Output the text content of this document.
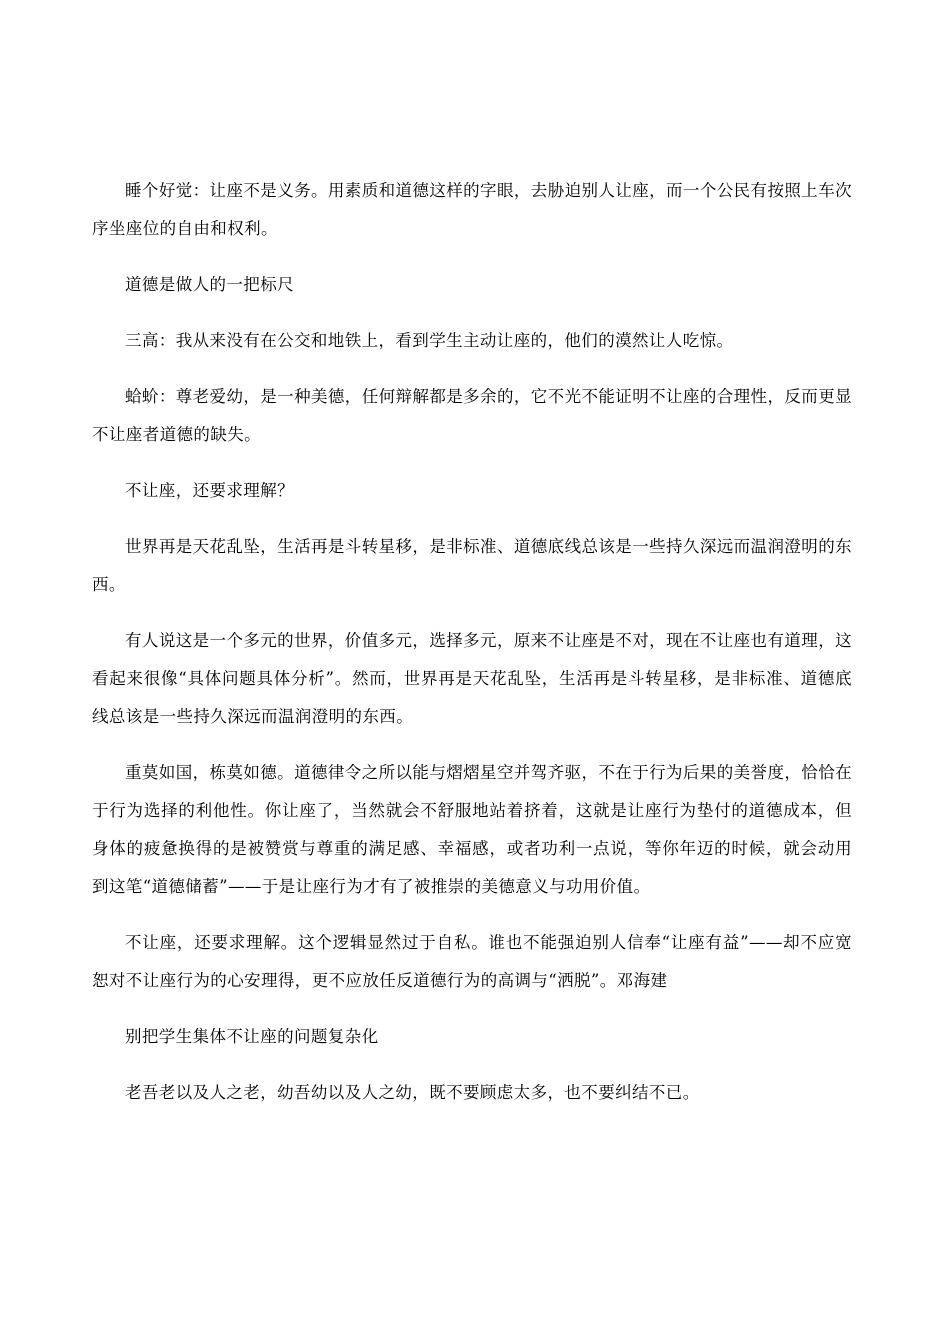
睡个好觉：让座不是义务。用素质和道德这样的字眼，去胁迫别人让座，而一个公民有按照上车次序坐座位的自由和权利。

道德是做人的一把标尺

三高：我从来没有在公交和地铁上，看到学生主动让座的，他们的漠然让人吃惊。

蛤蚧：尊老爱幼，是一种美德，任何辩解都是多余的，它不光不能证明不让座的合理性，反而更显不让座者道德的缺失。

不让座，还要求理解？

世界再是天花乱坠，生活再是斗转星移，是非标准、道德底线总该是一些持久深远而温润澄明的东西。

有人说这是一个多元的世界，价值多元，选择多元，原来不让座是不对，现在不让座也有道理，这看起来很像“具体问题具体分析”。然而，世界再是天花乱坠，生活再是斗转星移，是非标准、道德底线总该是一些持久深远而温润澄明的东西。

重莫如国，栋莫如德。道德律令之所以能与熠熠星空并驾齐驱，不在于行为后果的美誉度，恰恰在于行为选择的利他性。你让座了，当然就会不舒服地站着挤着，这就是让座行为垫付的道德成本，但身体的疲惫换得的是被赞赏与尊重的满足感、幸福感，或者功利一点说，等你年迈的时候，就会动用到这笔“道德储蓄”——于是让座行为才有了被推崇的美德意义与功用价值。

不让座，还要求理解。这个逻辑显然过于自私。谁也不能强迫别人信奉“让座有益”——却不应宽恕对不让座行为的心安理得，更不应放任反道德行为的高调与“洒脱”。邓海建

别把学生集体不让座的问题复杂化

老吾老以及人之老，幼吾幼以及人之幼，既不要顾虑太多，也不要纠结不已。
